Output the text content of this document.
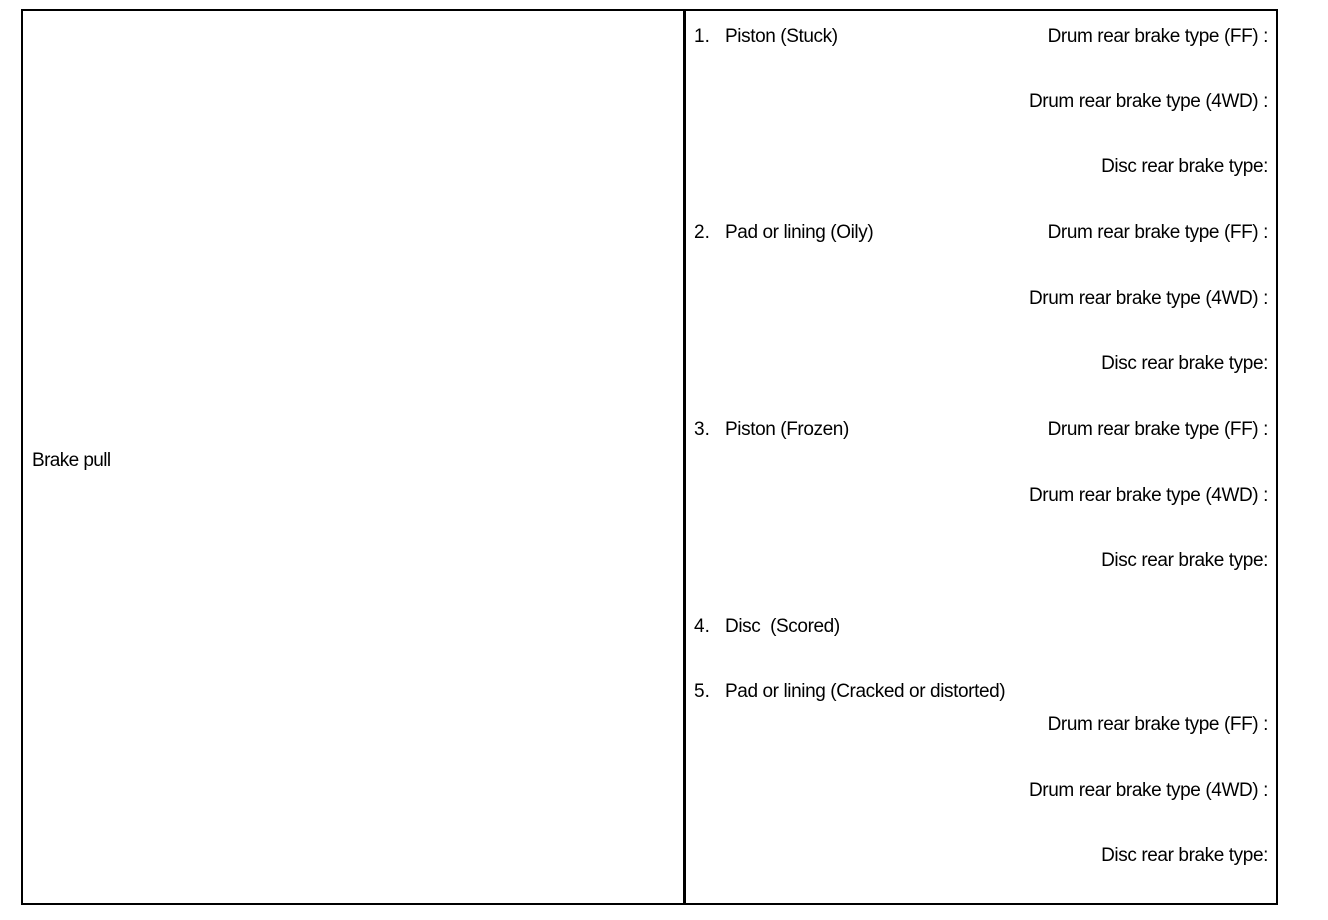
Brake pull
1. Piston (Stuck)	Drum rear brake type (FF) :
Drum rear brake type (4WD) :
Disc rear brake type:
2. Pad or lining (Oily)	Drum rear brake type (FF) :
Drum rear brake type (4WD) :
Disc rear brake type:
3. Piston (Frozen)	Drum rear brake type (FF) :
Drum rear brake type (4WD) :
Disc rear brake type:
4. Disc  (Scored)
5. Pad or lining (Cracked or distorted)
Drum rear brake type (FF) :
Drum rear brake type (4WD) :
Disc rear brake type:
